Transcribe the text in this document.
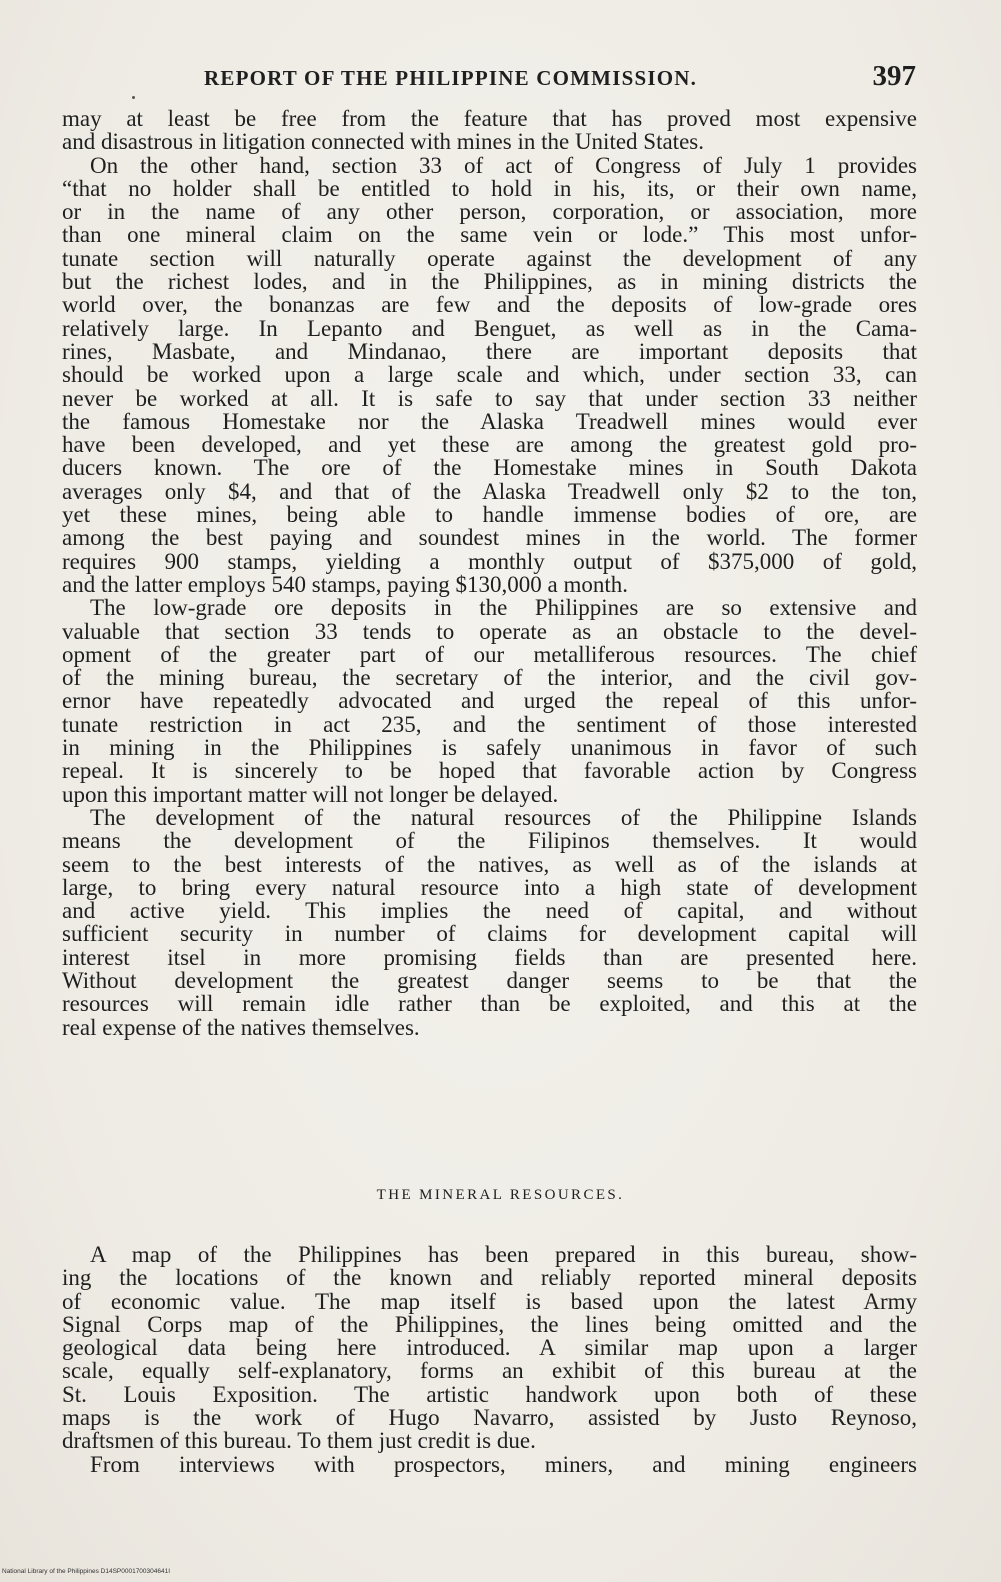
REPORT OF THE PHILIPPINE COMMISSION.	397
may at least be free from the feature that has proved most expensive
and disastrous in litigation connected with mines in the United States.
On the other hand, section 33 of act of Congress of July 1 provides
“that no holder shall be entitled to hold in his, its, or their own name,
or in the name of any other person, corporation, or association, more
than one mineral claim on the same vein or lode.” This most unfor-
tunate section will naturally operate against the development of any
but the richest lodes, and in the Philippines, as in mining districts the
world over, the bonanzas are few and the deposits of low-grade ores
relatively large. In Lepanto and Benguet, as well as in the Cama-
rines, Masbate, and Mindanao, there are important deposits that
should be worked upon a large scale and which, under section 33, can
never be worked at all. It is safe to say that under section 33 neither
the famous Homestake nor the Alaska Treadwell mines would ever
have been developed, and yet these are among the greatest gold pro-
ducers known. The ore of the Homestake mines in South Dakota
averages only $4, and that of the Alaska Treadwell only $2 to the ton,
yet these mines, being able to handle immense bodies of ore, are
among the best paying and soundest mines in the world. The former
requires 900 stamps, yielding a monthly output of $375,000 of gold,
and the latter employs 540 stamps, paying $130,000 a month.
The low-grade ore deposits in the Philippines are so extensive and
valuable that section 33 tends to operate as an obstacle to the devel-
opment of the greater part of our metalliferous resources. The chief
of the mining bureau, the secretary of the interior, and the civil gov-
ernor have repeatedly advocated and urged the repeal of this unfor-
tunate restriction in act 235, and the sentiment of those interested
in mining in the Philippines is safely unanimous in favor of such
repeal. It is sincerely to be hoped that favorable action by Congress
upon this important matter will not longer be delayed.
The development of the natural resources of the Philippine Islands
means the development of the Filipinos themselves. It would
seem to the best interests of the natives, as well as of the islands at
large, to bring every natural resource into a high state of development
and active yield. This implies the need of capital, and without
sufficient security in number of claims for development capital will
interest itsel in more promising fields than are presented here.
Without development the greatest danger seems to be that the
resources will remain idle rather than be exploited, and this at the
real expense of the natives themselves.
THE MINERAL RESOURCES.
A map of the Philippines has been prepared in this bureau, show-
ing the locations of the known and reliably reported mineral deposits
of economic value. The map itself is based upon the latest Army
Signal Corps map of the Philippines, the lines being omitted and the
geological data being here introduced. A similar map upon a larger
scale, equally self-explanatory, forms an exhibit of this bureau at the
St. Louis Exposition. The artistic handwork upon both of these
maps is the work of Hugo Navarro, assisted by Justo Reynoso,
draftsmen of this bureau. To them just credit is due.
From interviews with prospectors, miners, and mining engineers
National Library of the Philippines D14SP0001700304641I
